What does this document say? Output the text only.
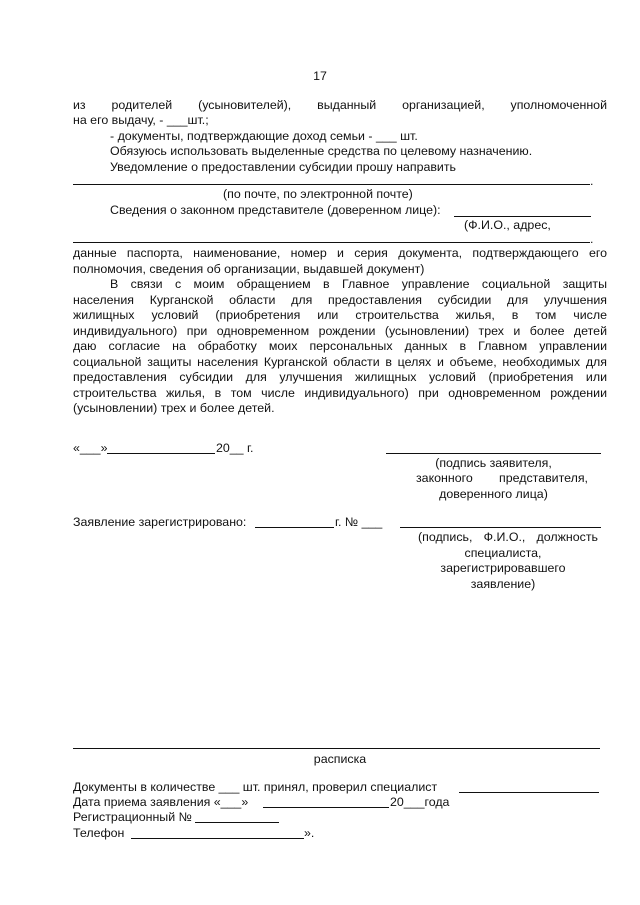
17
из родителей (усыновителей), выданный организацией, уполномоченной
на его выдачу, - ___шт.;
- документы, подтверждающие доход семьи - ___ шт.
Обязуюсь использовать выделенные средства по целевому назначению.
Уведомление о предоставлении субсидии прошу направить
.
(по почте, по электронной почте)
Сведения о законном представителе (доверенном лице):
(Ф.И.О., адрес,
.
данные паспорта, наименование, номер и серия документа, подтверждающего его
полномочия, сведения об организации, выдавшей документ)
В связи с моим обращением в Главное управление социальной защиты
населения Курганской области для предоставления субсидии для улучшения
жилищных условий (приобретения или строительства жилья, в том числе
индивидуального) при одновременном рождении (усыновлении) трех и более детей
даю согласие на обработку моих персональных данных в Главном управлении
социальной защиты населения Курганской области в целях и объеме, необходимых для
предоставления субсидии для улучшения жилищных условий (приобретения или
строительства жилья, в том числе индивидуального) при одновременном рождении
(усыновлении) трех и более детей.
«___»	20__ г.
(подпись заявителя,
законного представителя,
доверенного лица)
Заявление зарегистрировано:	г. № ___
(подпись, Ф.И.О., должность
специалиста,
зарегистрировавшего
заявление)
расписка
Документы в количестве ___ шт. принял, проверил специалист
Дата приема заявления «___»	20___года
Регистрационный №
Телефон	».
